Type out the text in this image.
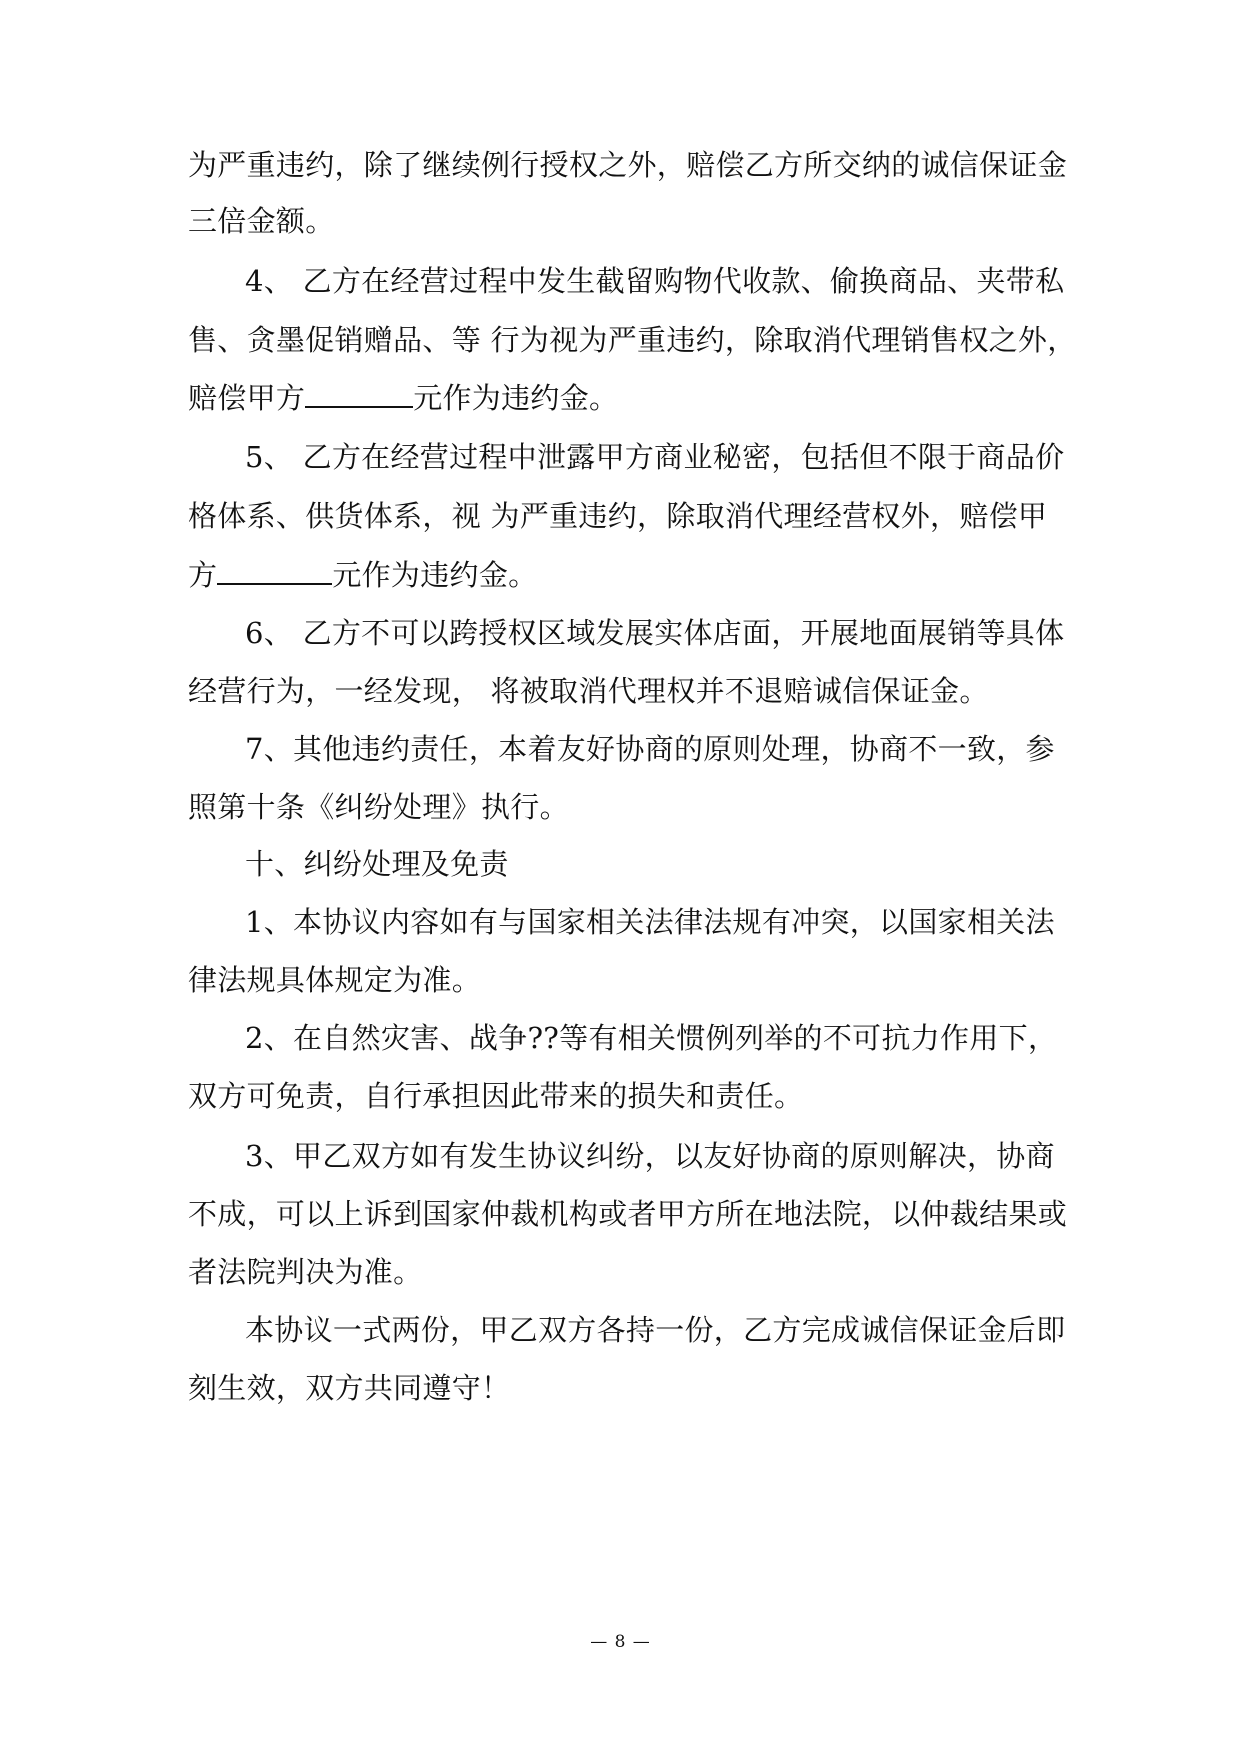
为严重违约，除了继续例行授权之外，赔偿乙方所交纳的诚信保证金
三倍金额。
4、 乙方在经营过程中发生截留购物代收款、偷换商品、夹带私
售、贪墨促销赠品、等 行为视为严重违约，除取消代理销售权之外，
赔偿甲方	元作为违约金。
5、 乙方在经营过程中泄露甲方商业秘密，包括但不限于商品价
格体系、供货体系，视 为严重违约，除取消代理经营权外，赔偿甲
方	元作为违约金。
6、 乙方不可以跨授权区域发展实体店面，开展地面展销等具体
经营行为，一经发现， 将被取消代理权并不退赔诚信保证金。
7、其他违约责任，本着友好协商的原则处理，协商不一致，参
照第十条《纠纷处理》执行。
十、纠纷处理及免责
1、本协议内容如有与国家相关法律法规有冲突，以国家相关法
律法规具体规定为准。
2、在自然灾害、战争??等有相关惯例列举的不可抗力作用下，
双方可免责，自行承担因此带来的损失和责任。
3、甲乙双方如有发生协议纠纷，以友好协商的原则解决，协商
不成，可以上诉到国家仲裁机构或者甲方所在地法院，以仲裁结果或
者法院判决为准。
本协议一式两份，甲乙双方各持一份，乙方完成诚信保证金后即
刻生效，双方共同遵守！
— 8 —
